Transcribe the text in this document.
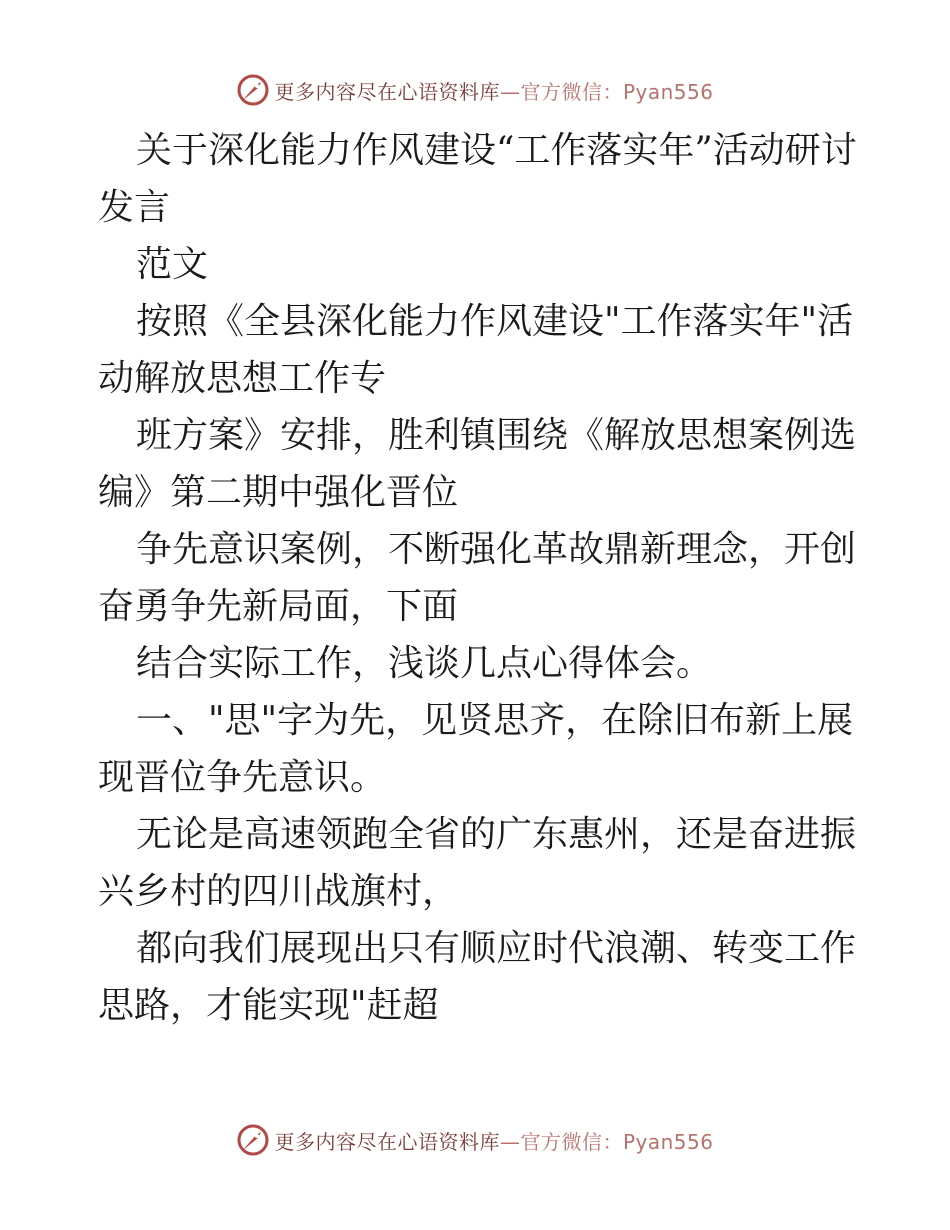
更多内容尽在心语资料库—官方微信：Pyan556

关于深化能力作风建设“工作落实年”活动研讨发言

范文

按照《全县深化能力作风建设"工作落实年"活动解放思想工作专

班方案》安排，胜利镇围绕《解放思想案例选编》第二期中强化晋位

争先意识案例，不断强化革故鼎新理念，开创奋勇争先新局面，下面

结合实际工作，浅谈几点心得体会。

一、"思"字为先，见贤思齐，在除旧布新上展现晋位争先意识。

无论是高速领跑全省的广东惠州，还是奋进振兴乡村的四川战旗村，

都向我们展现出只有顺应时代浪潮、转变工作思路，才能实现"赶超

更多内容尽在心语资料库—官方微信：Pyan556
